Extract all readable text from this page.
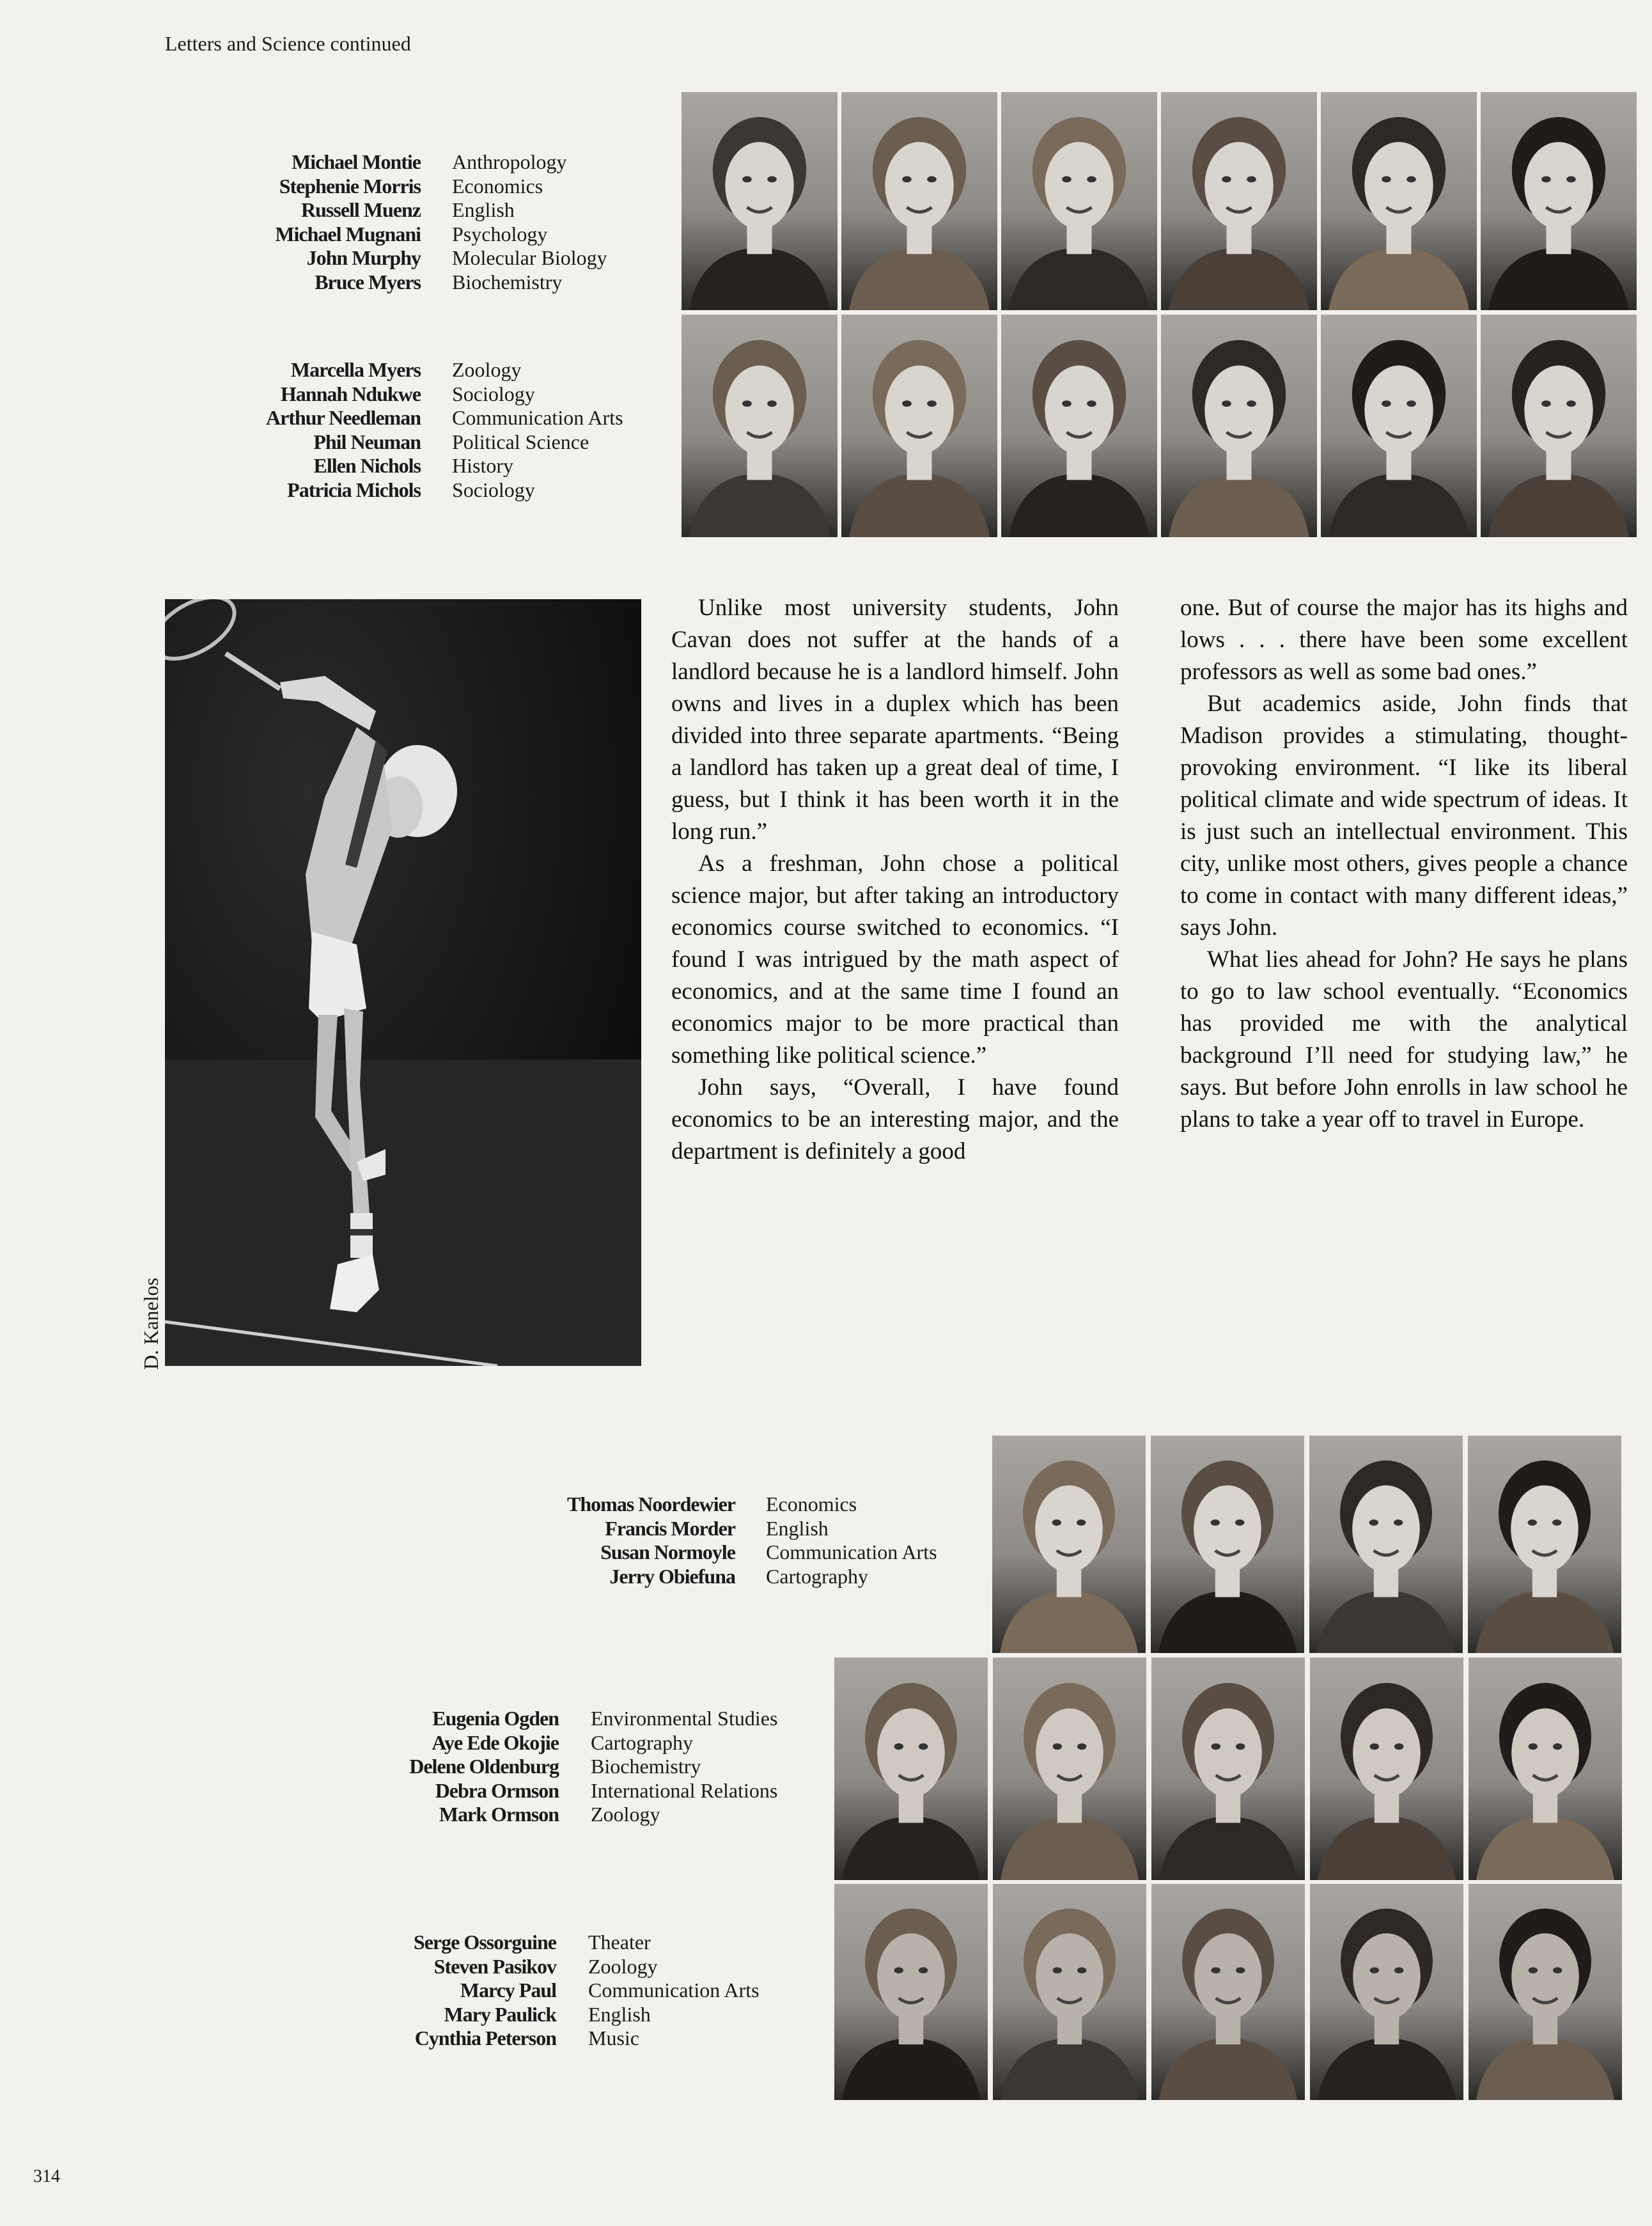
Letters and Science continued
Michael Montie Anthropology
Stephenie Morris Economics
Russell Muenz English
Michael Mugnani Psychology
John Murphy Molecular Biology
Bruce Myers Biochemistry
Marcella Myers Zoology
Hannah Ndukwe Sociology
Arthur Needleman Communication Arts
Phil Neuman Political Science
Ellen Nichols History
Patricia Michols Sociology
Thomas Noordewier Economics
Francis Morder English
Susan Normoyle Communication Arts
Jerry Obiefuna Cartography
Eugenia Ogden Environmental Studies
Aye Ede Okojie Cartography
Delene Oldenburg Biochemistry
Debra Ormson International Relations
Mark Ormson Zoology
Serge Ossorguine Theater
Steven Pasikov Zoology
Marcy Paul Communication Arts
Mary Paulick English
Cynthia Peterson Music
D. Kanelos

Unlike most university students, John Cavan does not suffer at the hands of a landlord because he is a landlord himself. John owns and lives in a duplex which has been divided into three separate apartments. “Being a landlord has taken up a great deal of time, I guess, but I think it has been worth it in the long run.”

As a freshman, John chose a political science major, but after taking an introductory economics course switched to economics. “I found I was intrigued by the math aspect of economics, and at the same time I found an economics major to be more practical than something like political science.”

John says, “Overall, I have found economics to be an interesting major, and the department is definitely a good

one. But of course the major has its highs and lows . . . there have been some excellent professors as well as some bad ones.”

But academics aside, John finds that Madison provides a stimulating, thought-provoking environment. “I like its liberal political climate and wide spectrum of ideas. It is just such an intellectual environment. This city, unlike most others, gives people a chance to come in contact with many different ideas,” says John.

What lies ahead for John? He says he plans to go to law school eventually. “Economics has provided me with the analytical background I’ll need for studying law,” he says. But before John enrolls in law school he plans to take a year off to travel in Europe.

314
